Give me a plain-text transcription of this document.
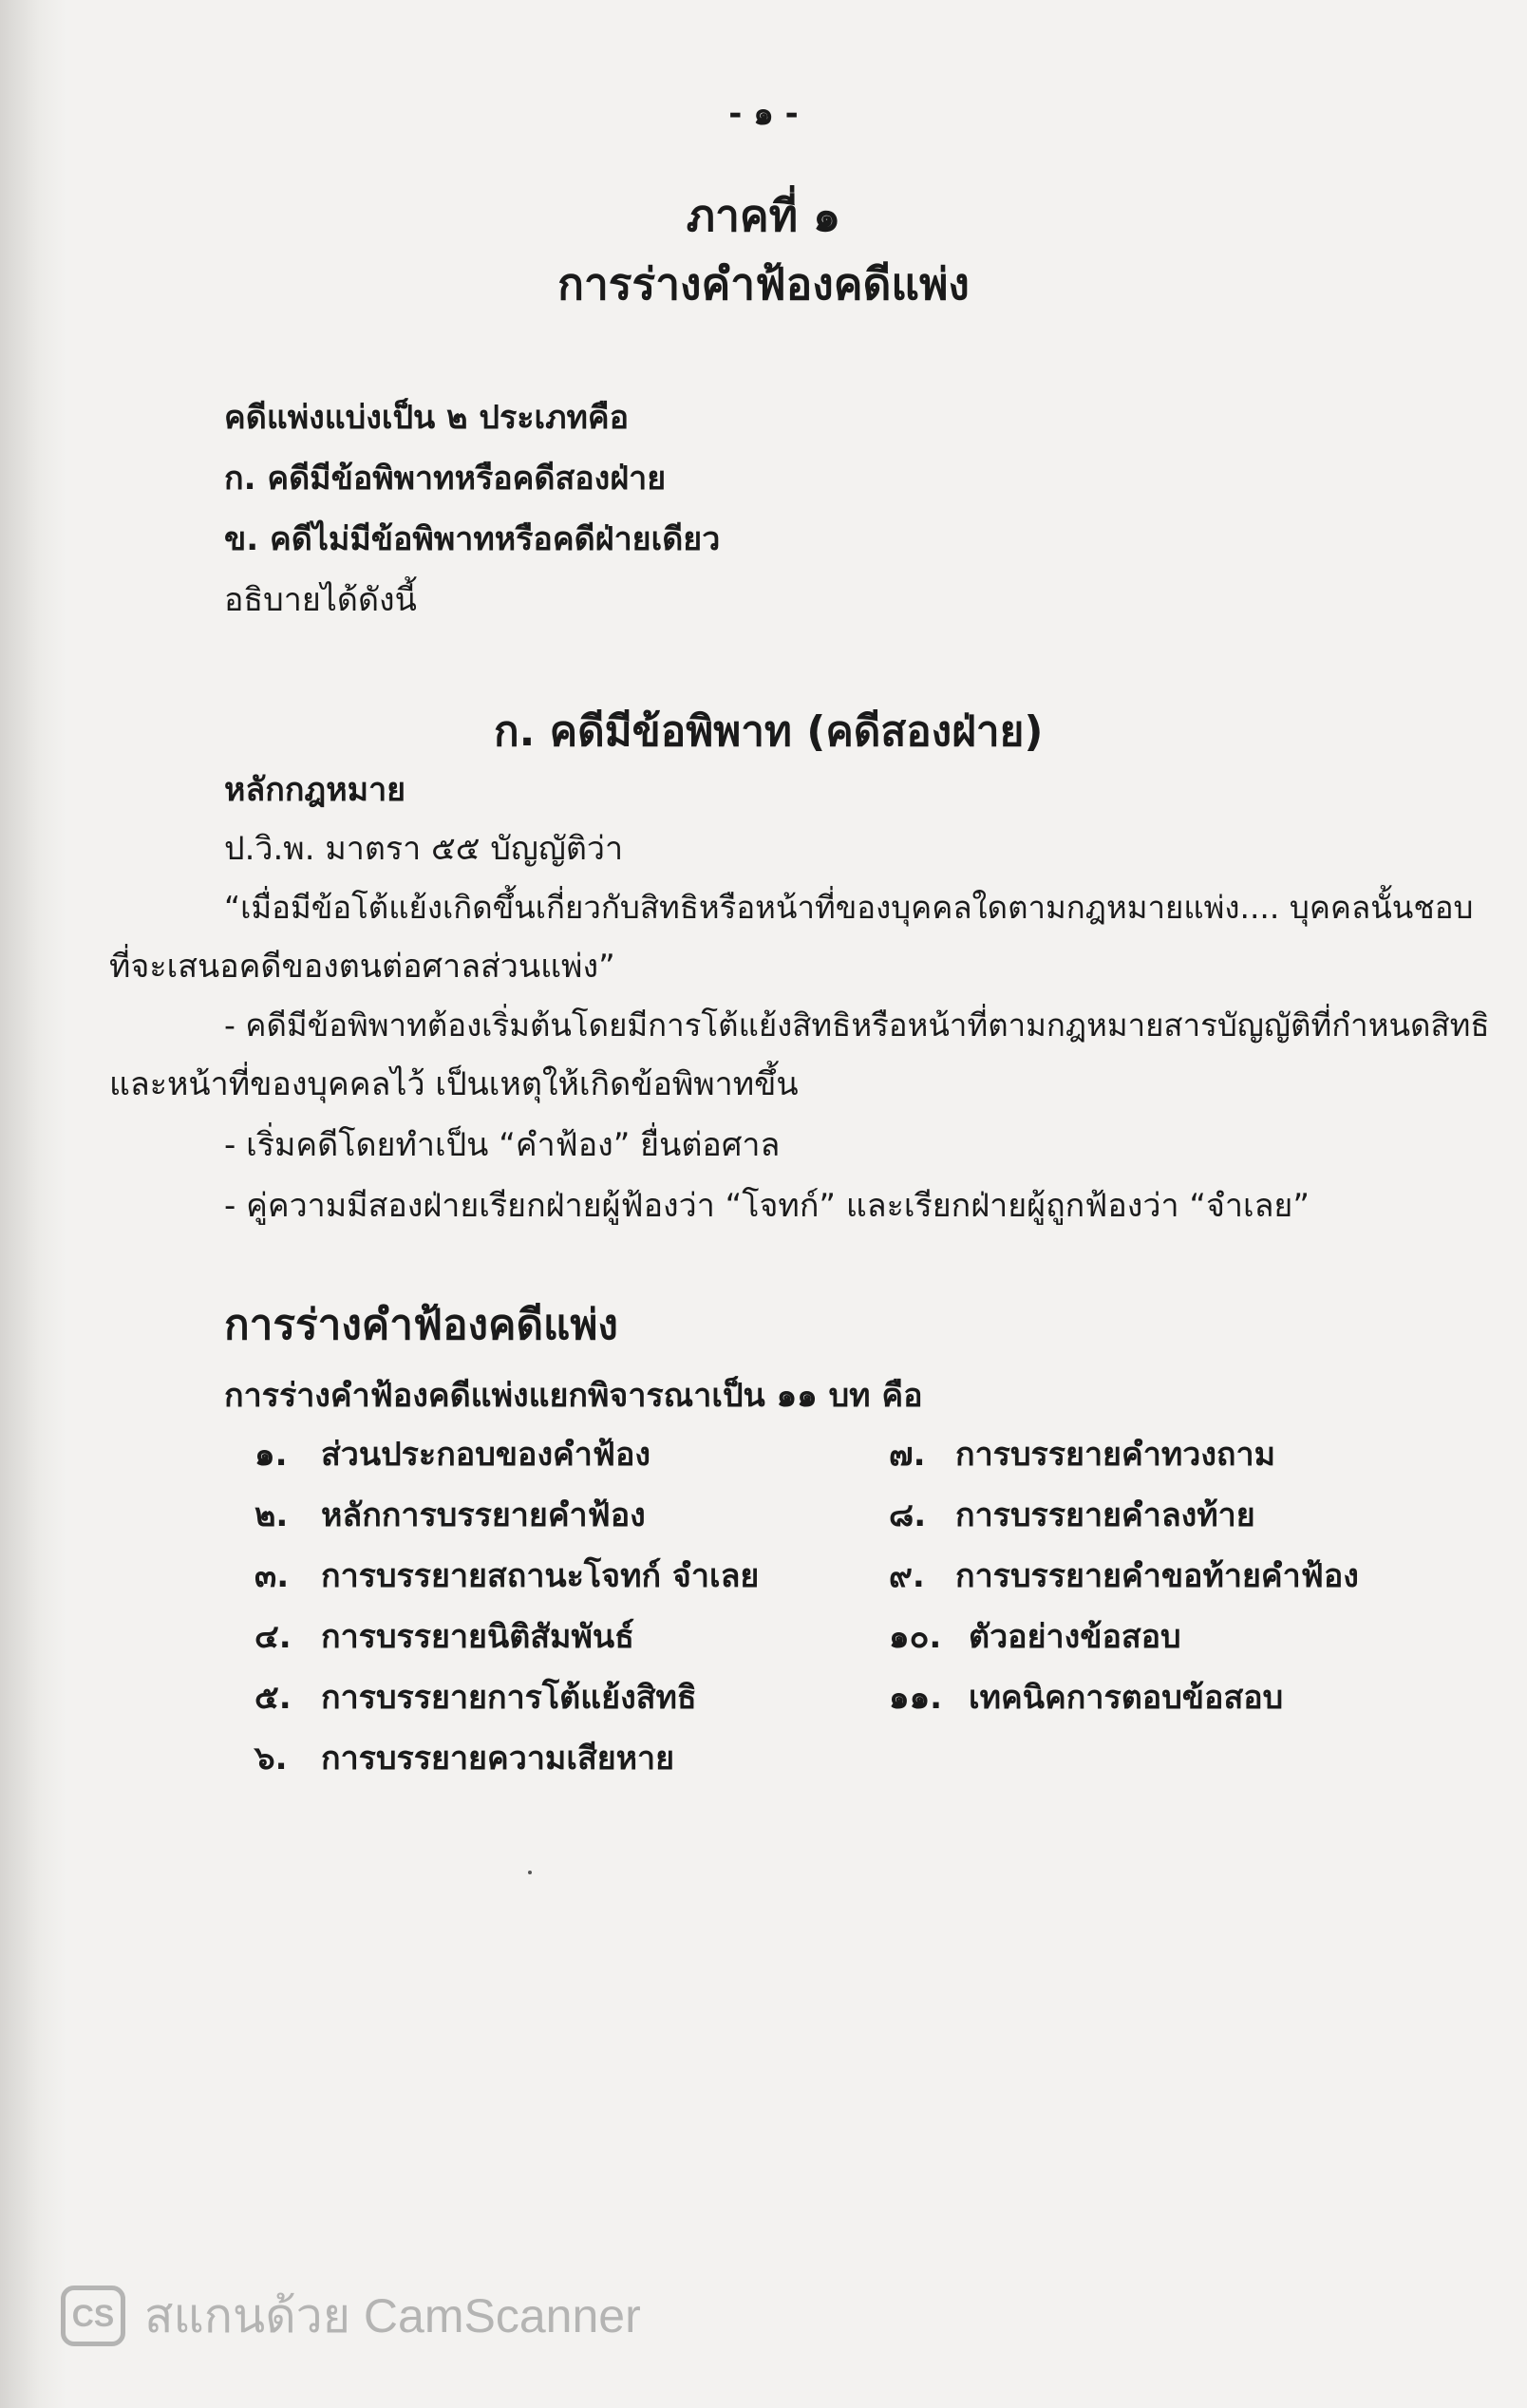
- ๑ -
ภาคที่ ๑
การร่างคำฟ้องคดีแพ่ง
คดีแพ่งแบ่งเป็น ๒ ประเภทคือ
ก. คดีมีข้อพิพาทหรือคดีสองฝ่าย
ข. คดีไม่มีข้อพิพาทหรือคดีฝ่ายเดียว
อธิบายได้ดังนี้
ก. คดีมีข้อพิพาท (คดีสองฝ่าย)
หลักกฎหมาย
ป.วิ.พ. มาตรา ๕๕ บัญญัติว่า
“เมื่อมีข้อโต้แย้งเกิดขึ้นเกี่ยวกับสิทธิหรือหน้าที่ของบุคคลใดตามกฎหมายแพ่ง.... บุคคลนั้นชอบ
ที่จะเสนอคดีของตนต่อศาลส่วนแพ่ง”
- คดีมีข้อพิพาทต้องเริ่มต้นโดยมีการโต้แย้งสิทธิหรือหน้าที่ตามกฎหมายสารบัญญัติที่กำหนดสิทธิ
และหน้าที่ของบุคคลไว้ เป็นเหตุให้เกิดข้อพิพาทขึ้น
- เริ่มคดีโดยทำเป็น “คำฟ้อง” ยื่นต่อศาล
- คู่ความมีสองฝ่ายเรียกฝ่ายผู้ฟ้องว่า “โจทก์” และเรียกฝ่ายผู้ถูกฟ้องว่า “จำเลย”
การร่างคำฟ้องคดีแพ่ง
การร่างคำฟ้องคดีแพ่งแยกพิจารณาเป็น ๑๑ บท คือ
๑. ส่วนประกอบของคำฟ้อง
๒. หลักการบรรยายคำฟ้อง
๓. การบรรยายสถานะโจทก์ จำเลย
๔. การบรรยายนิติสัมพันธ์
๕. การบรรยายการโต้แย้งสิทธิ
๖. การบรรยายความเสียหาย
๗. การบรรยายคำทวงถาม
๘. การบรรยายคำลงท้าย
๙. การบรรยายคำขอท้ายคำฟ้อง
๑๐. ตัวอย่างข้อสอบ
๑๑. เทคนิคการตอบข้อสอบ
CS สแกนด้วย CamScanner
